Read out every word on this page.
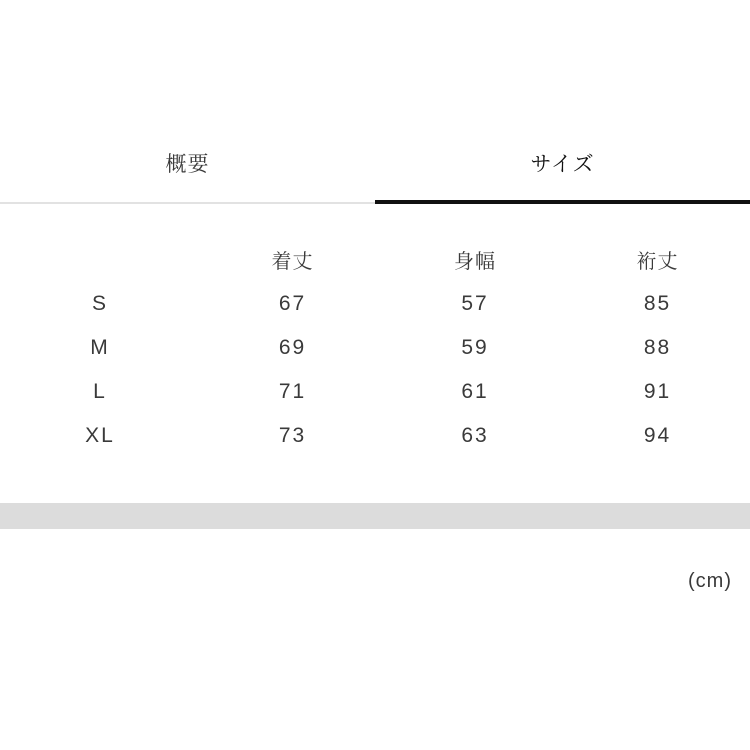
概要	サイズ
	着丈	身幅	裄丈
S	67	57	85
M	69	59	88
L	71	61	91
XL	73	63	94
(cm)
